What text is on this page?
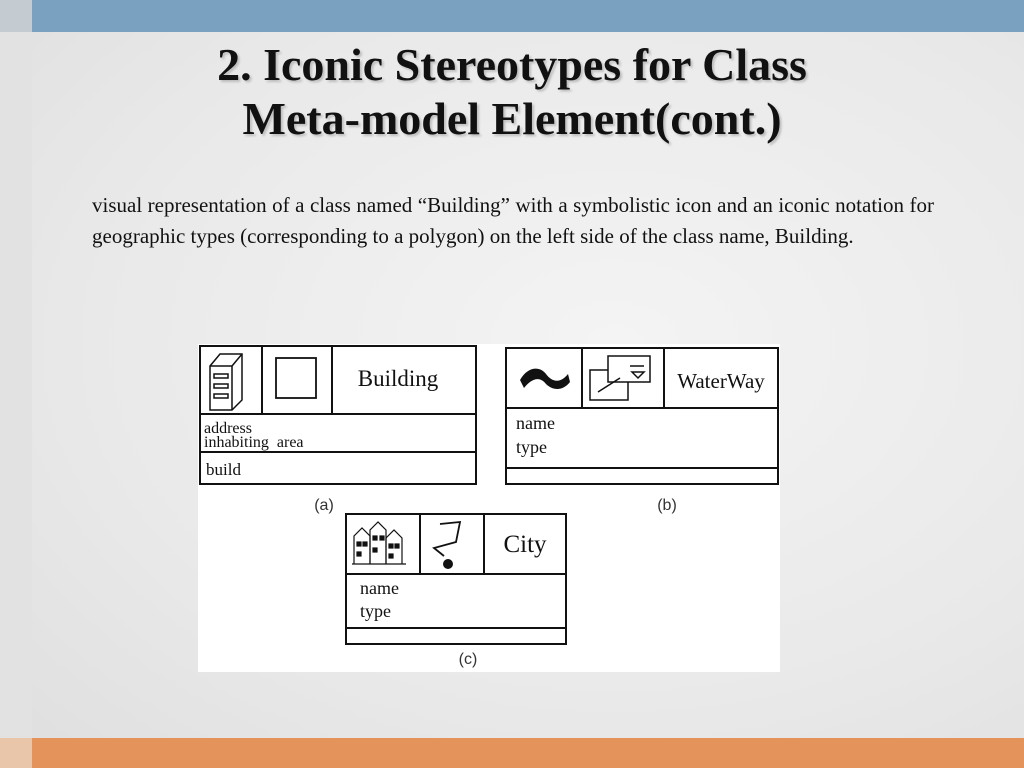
2. Iconic Stereotypes for Class
Meta-model Element(cont.)

visual representation of a class named “Building” with a symbolistic icon and an iconic notation for geographic types (corresponding to a polygon) on the left side of the class name, Building.

Building
address
inhabiting  area
build
(a)
WaterWay
name
type
(b)
City
name
type
(c)
